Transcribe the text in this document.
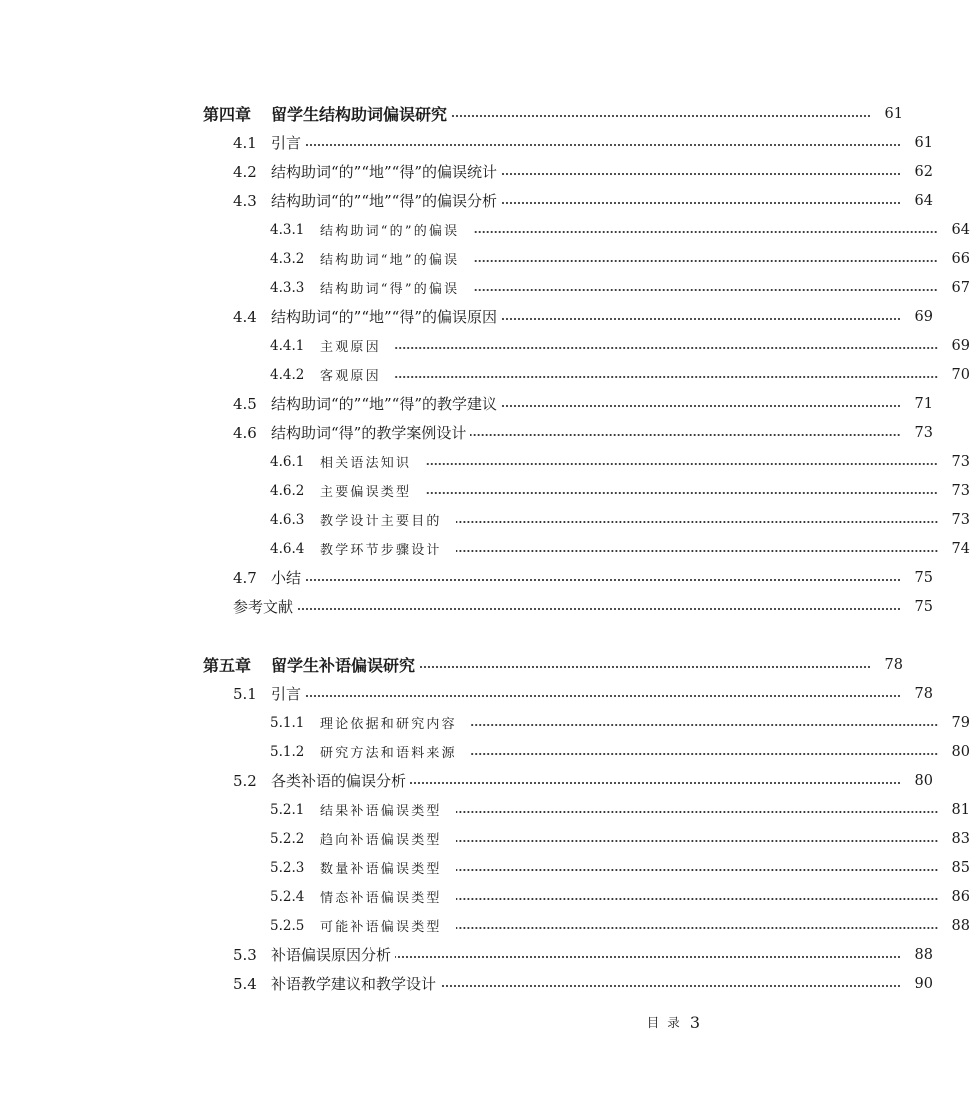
第四章	留学生结构助词偏误研究	61
4.1 引言	61
4.2 结构助词“的”“地”“得”的偏误统计	62
4.3 结构助词“的”“地”“得”的偏误分析	64
4.3.1	结构助词“的”的偏误	64
4.3.2	结构助词“地”的偏误	66
4.3.3	结构助词“得”的偏误	67
4.4 结构助词“的”“地”“得”的偏误原因	69
4.4.1	主观原因	69
4.4.2	客观原因	70
4.5 结构助词“的”“地”“得”的教学建议	71
4.6 结构助词“得”的教学案例设计	73
4.6.1	相关语法知识	73
4.6.2	主要偏误类型	73
4.6.3	教学设计主要目的	73
4.6.4	教学环节步骤设计	74
4.7 小结	75
参考文献	75
第五章	留学生补语偏误研究	78
5.1 引言	78
5.1.1	理论依据和研究内容	79
5.1.2	研究方法和语料来源	80
5.2 各类补语的偏误分析	80
5.2.1	结果补语偏误类型	81
5.2.2	趋向补语偏误类型	83
5.2.3	数量补语偏误类型	85
5.2.4	情态补语偏误类型	86
5.2.5	可能补语偏误类型	88
5.3 补语偏误原因分析	88
5.4 补语教学建议和教学设计	90
目录 3
